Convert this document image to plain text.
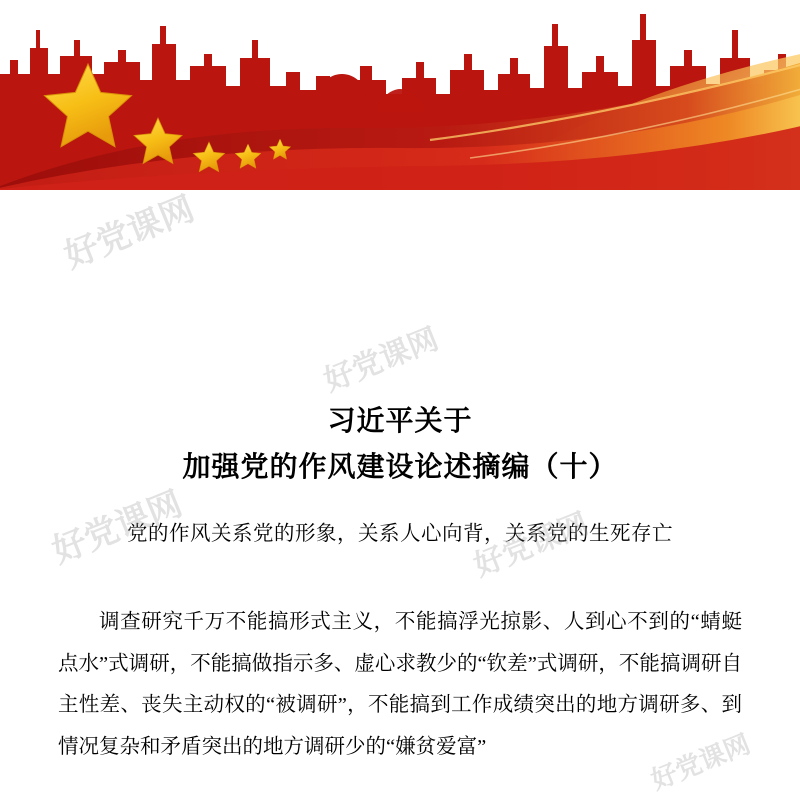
习近平关于
加强党的作风建设论述摘编（十）
党的作风关系党的形象，关系人心向背，关系党的生死存亡

调查研究千万不能搞形式主义，不能搞浮光掠影、人到心不到的“蜻蜓点水”式调研，不能搞做指示多、虚心求教少的“钦差”式调研，不能搞调研自主性差、丧失主动权的“被调研”，不能搞到工作成绩突出的地方调研多、到情况复杂和矛盾突出的地方调研少的“嫌贫爱富”

好党课网
好党课网
好党课网	好党课网
好党课网
